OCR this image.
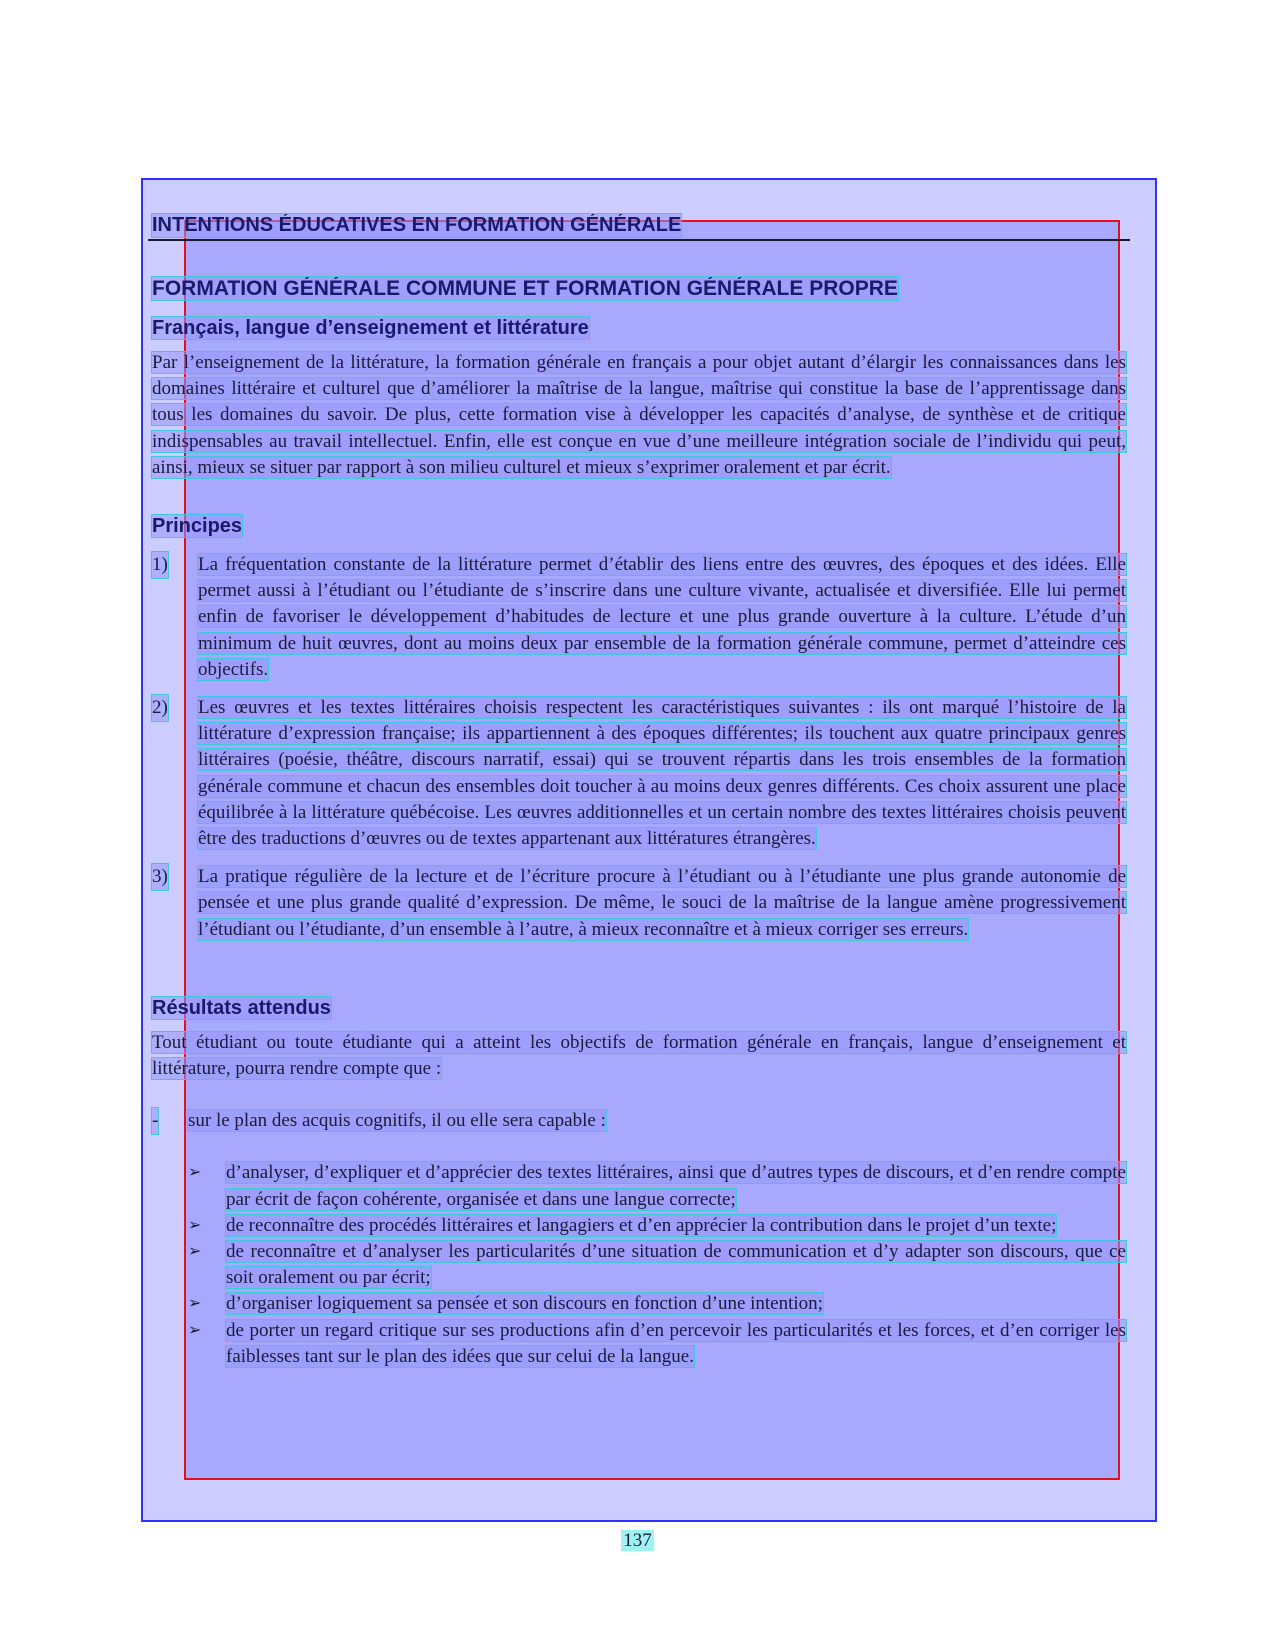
INTENTIONS ÉDUCATIVES EN FORMATION GÉNÉRALE
FORMATION GÉNÉRALE COMMUNE ET FORMATION GÉNÉRALE PROPRE
Français, langue d’enseignement et littérature

Par l’enseignement de la littérature, la formation générale en français a pour objet autant d’élargir les connaissances dans les domaines littéraire et culturel que d’améliorer la maîtrise de la langue, maîtrise qui constitue la base de l’apprentissage dans tous les domaines du savoir. De plus, cette formation vise à développer les capacités d’analyse, de synthèse et de critique indispensables au travail intellectuel. Enfin, elle est conçue en vue d’une meilleure intégration sociale de l’individu qui peut, ainsi, mieux se situer par rapport à son milieu culturel et mieux s’exprimer oralement et par écrit.

Principes
1) La fréquentation constante de la littérature permet d’établir des liens entre des œuvres, des époques et des idées. Elle permet aussi à l’étudiant ou l’étudiante de s’inscrire dans une culture vivante, actualisée et diversifiée. Elle lui permet enfin de favoriser le développement d’habitudes de lecture et une plus grande ouverture à la culture. L’étude d’un minimum de huit œuvres, dont au moins deux par ensemble de la formation générale commune, permet d’atteindre ces objectifs.
2) Les œuvres et les textes littéraires choisis respectent les caractéristiques suivantes : ils ont marqué l’histoire de la littérature d’expression française; ils appartiennent à des époques différentes; ils touchent aux quatre principaux genres littéraires (poésie, théâtre, discours narratif, essai) qui se trouvent répartis dans les trois ensembles de la formation générale commune et chacun des ensembles doit toucher à au moins deux genres différents. Ces choix assurent une place équilibrée à la littérature québécoise. Les œuvres additionnelles et un certain nombre des textes littéraires choisis peuvent être des traductions d’œuvres ou de textes appartenant aux littératures étrangères.
3) La pratique régulière de la lecture et de l’écriture procure à l’étudiant ou à l’étudiante une plus grande autonomie de pensée et une plus grande qualité d’expression. De même, le souci de la maîtrise de la langue amène progressivement l’étudiant ou l’étudiante, d’un ensemble à l’autre, à mieux reconnaître et à mieux corriger ses erreurs.
Résultats attendus

Tout étudiant ou toute étudiante qui a atteint les objectifs de formation générale en français, langue d’enseignement et littérature, pourra rendre compte que :

- sur le plan des acquis cognitifs, il ou elle sera capable :
➢ d’analyser, d’expliquer et d’apprécier des textes littéraires, ainsi que d’autres types de discours, et d’en rendre compte par écrit de façon cohérente, organisée et dans une langue correcte;
➢ de reconnaître des procédés littéraires et langagiers et d’en apprécier la contribution dans le projet d’un texte;
➢ de reconnaître et d’analyser les particularités d’une situation de communication et d’y adapter son discours, que ce soit oralement ou par écrit;
➢ d’organiser logiquement sa pensée et son discours en fonction d’une intention;
➢ de porter un regard critique sur ses productions afin d’en percevoir les particularités et les forces, et d’en corriger les faiblesses tant sur le plan des idées que sur celui de la langue.
137
